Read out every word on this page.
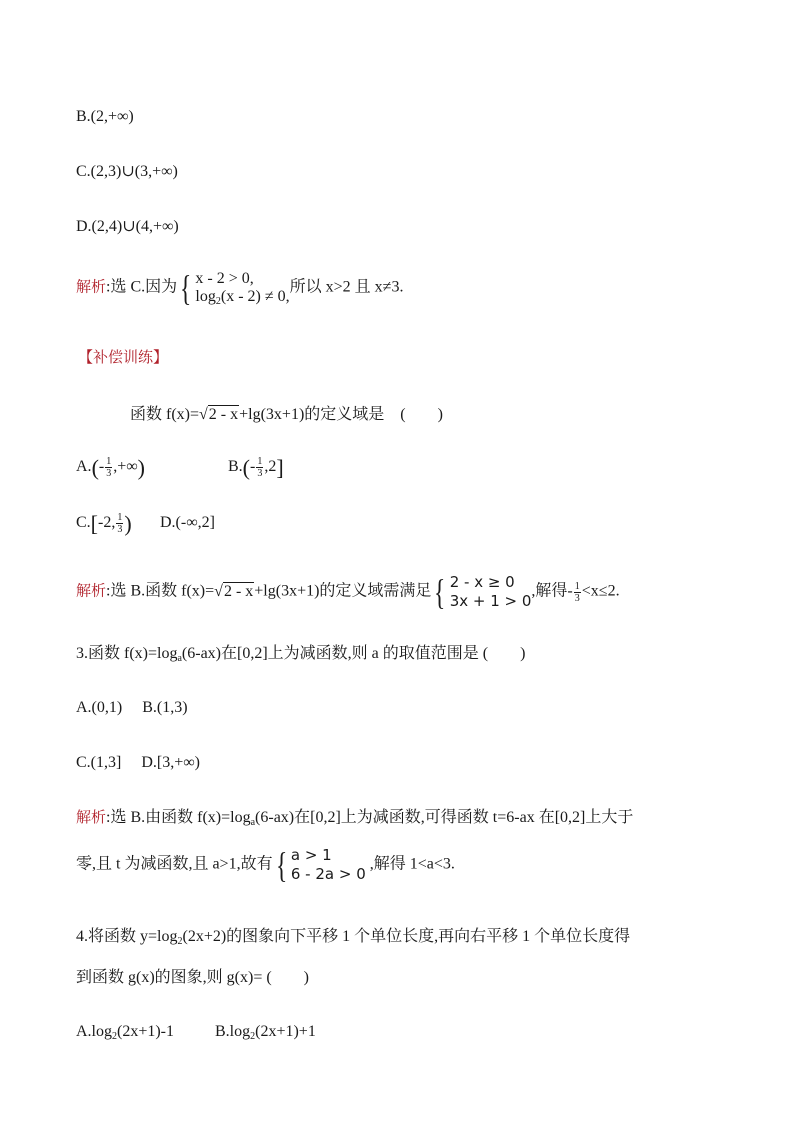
B.(2,+∞)
C.(2,3)∪(3,+∞)
D.(2,4)∪(4,+∞)
解析:选 C.因为{ x - 2 > 0,
$\log_2(x - 2) \ne 0$,
所以 x>2 且 x≠3.
【补偿训练】
函数 f(x)=√2 - x+lg(3x+1)的定义域是　(　　)
$A.(- \frac{1}{3}$ ,+∞)	$B.(- \frac{1}{3} ,2]$
C.[-2, $\frac{1}{3}$ ) D.(-∞,2]
解析:选 B.函数 f(x)=√2 - x+lg(3x+1)的定义域需满足{ 2 - x ≥ 0
3x + 1 > 0
,解得- $\frac{1}{3} <x\le 2$.
3.函数 $f(x)=\log_a(6-ax)$在[0,2]上为减函数,则 a 的取值范围是 (　　)
A.(0,1)　 B.(1,3)
C.(1,3]　 D.[3,+∞)
解析:选 B.由函数 $f(x)=\log_a(6-ax)$在[0,2]上为减函数,可得函数 t=6-ax 在[0,2]上大于
零,且 t 为减函数,且 a>1,故有{ a > 1
6 - 2a > 0
,解得 1<a<3.
4.将函数 $y=\log_2(2x+2)$的图象向下平移 1 个单位长度,再向右平移 1 个单位长度得
到函数 g(x)的图象,则 g(x)= (　　)
$A.\log_2(2x+1)-1$	$B.\log_2(2x+1)+1$
